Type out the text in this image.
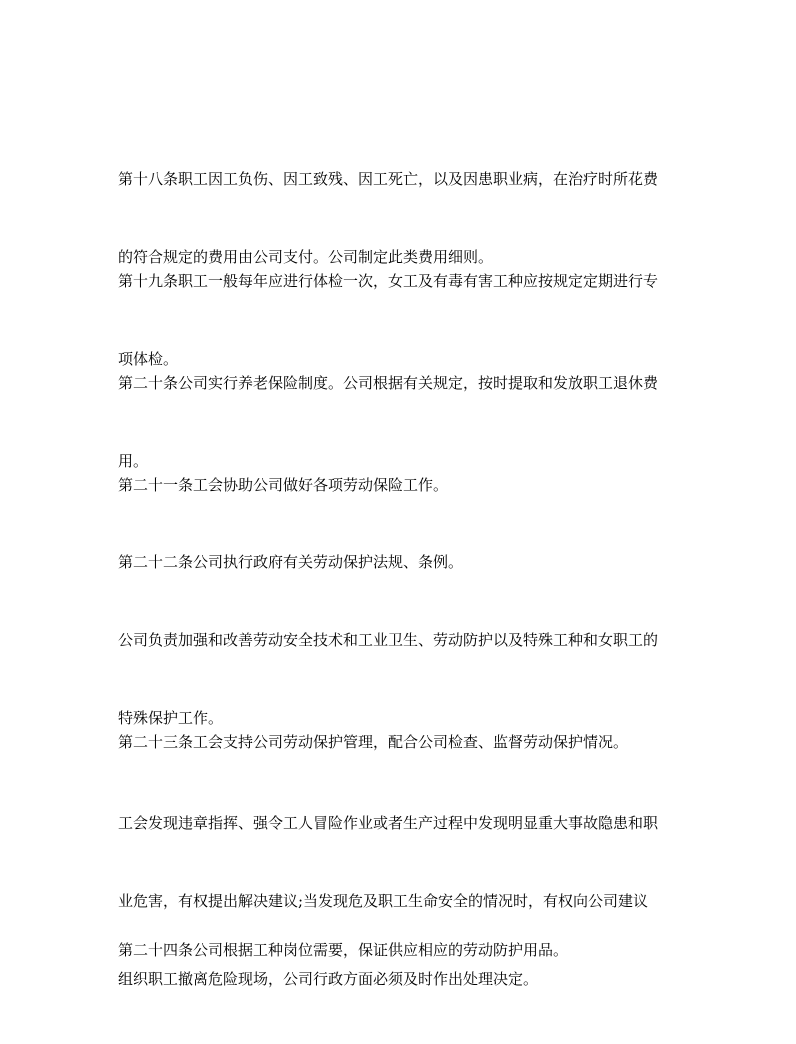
第十八条职工因工负伤、因工致残、因工死亡，以及因患职业病，在治疗时所花费

的符合规定的费用由公司支付。公司制定此类费用细则。

第十九条职工一般每年应进行体检一次，女工及有毒有害工种应按规定定期进行专

项体检。

第二十条公司实行养老保险制度。公司根据有关规定，按时提取和发放职工退休费

用。

第二十一条工会协助公司做好各项劳动保险工作。

第二十二条公司执行政府有关劳动保护法规、条例。

公司负责加强和改善劳动安全技术和工业卫生、劳动防护以及特殊工种和女职工的

特殊保护工作。

第二十三条工会支持公司劳动保护管理，配合公司检查、监督劳动保护情况。

工会发现违章指挥、强令工人冒险作业或者生产过程中发现明显重大事故隐患和职

业危害，有权提出解决建议;当发现危及职工生命安全的情况时，有权向公司建议

组织职工撤离危险现场，公司行政方面必须及时作出处理决定。

第二十四条公司根据工种岗位需要，保证供应相应的劳动防护用品。
